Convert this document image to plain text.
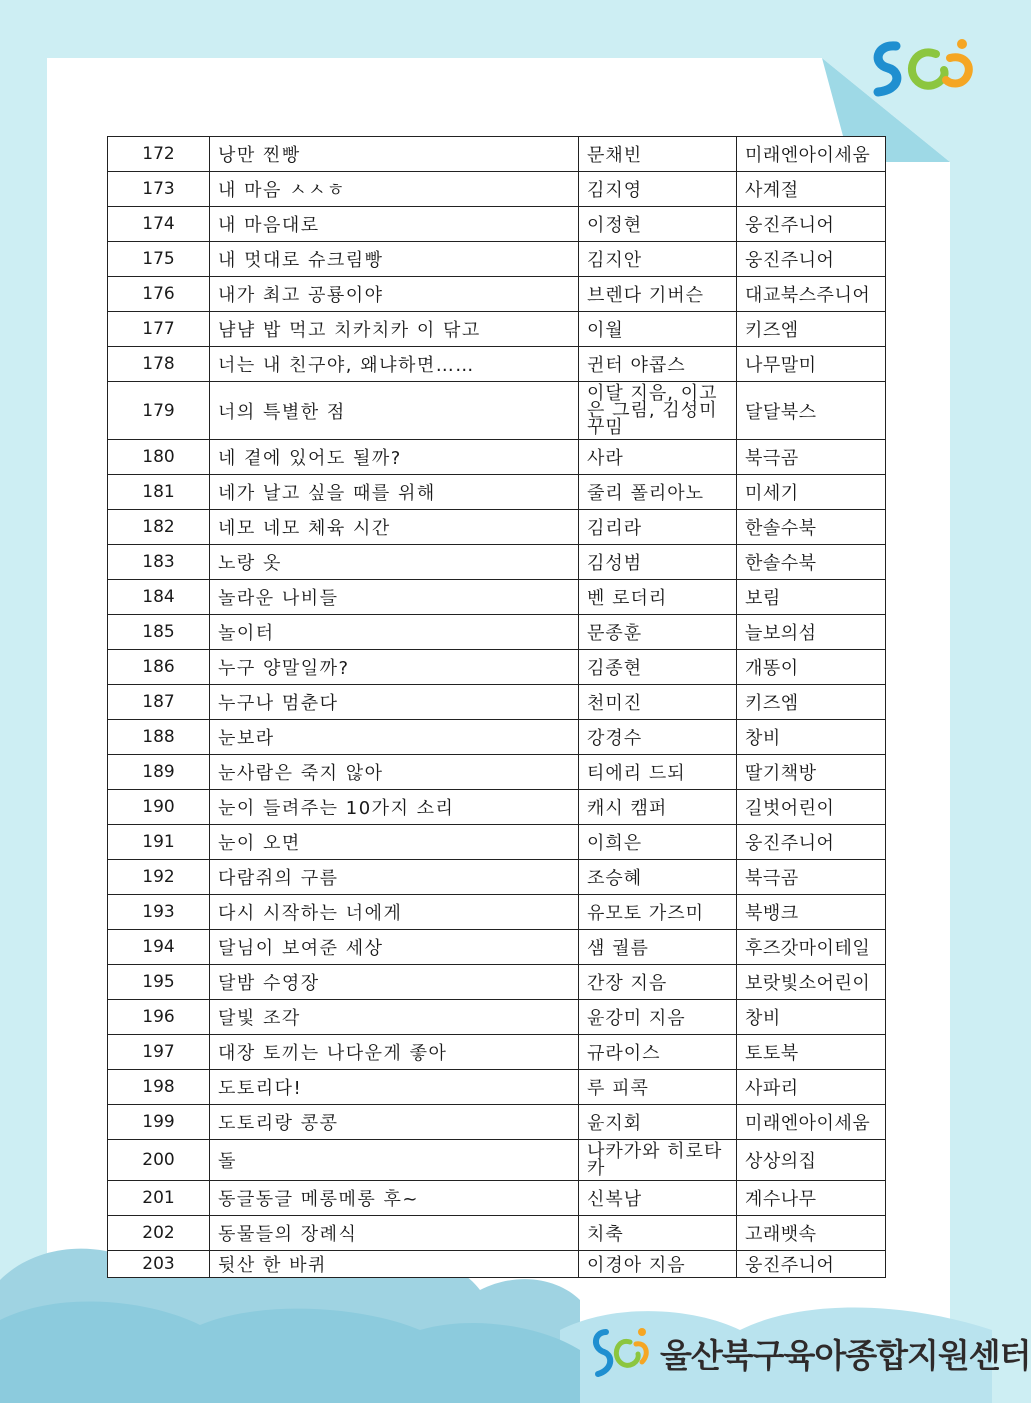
울산북구육아종합지원센터
172	낭만 찐빵	문채빈	미래엔아이세움
173	내 마음 ㅅㅅㅎ	김지영	사계절
174	내 마음대로	이정현	웅진주니어
175	내 멋대로 슈크림빵	김지안	웅진주니어
176	내가 최고 공룡이야	브렌다 기버슨	대교북스주니어
177	냠냠 밥 먹고 치카치카 이 닦고	이월	키즈엠
178	너는 내 친구야, 왜냐하면……	귄터 야콥스	나무말미
179	너의 특별한 점	이달 지음, 이고은 그림, 김성미 꾸밈	달달북스
180	네 곁에 있어도 될까?	사라	북극곰
181	네가 날고 싶을 때를 위해	줄리 폴리아노	미세기
182	네모 네모 체육 시간	김리라	한솔수북
183	노랑 옷	김성범	한솔수북
184	놀라운 나비들	벤 로더리	보림
185	놀이터	문종훈	늘보의섬
186	누구 양말일까?	김종현	개똥이
187	누구나 멈춘다	천미진	키즈엠
188	눈보라	강경수	창비
189	눈사람은 죽지 않아	티에리 드되	딸기책방
190	눈이 들려주는 10가지 소리	캐시 캠퍼	길벗어린이
191	눈이 오면	이희은	웅진주니어
192	다람쥐의 구름	조승혜	북극곰
193	다시 시작하는 너에게	유모토 가즈미	북뱅크
194	달님이 보여준 세상	샘 궐름	후즈갓마이테일
195	달밤 수영장	간장 지음	보랏빛소어린이
196	달빛 조각	윤강미 지음	창비
197	대장 토끼는 나다운게 좋아	규라이스	토토북
198	도토리다!	루 피콕	사파리
199	도토리랑 콩콩	윤지회	미래엔아이세움
200	돌	나카가와 히로타카	상상의집
201	동글동글 메롱메롱 후~	신복남	계수나무
202	동물들의 장례식	치축	고래뱃속
203	뒷산 한 바퀴	이경아 지음	웅진주니어
